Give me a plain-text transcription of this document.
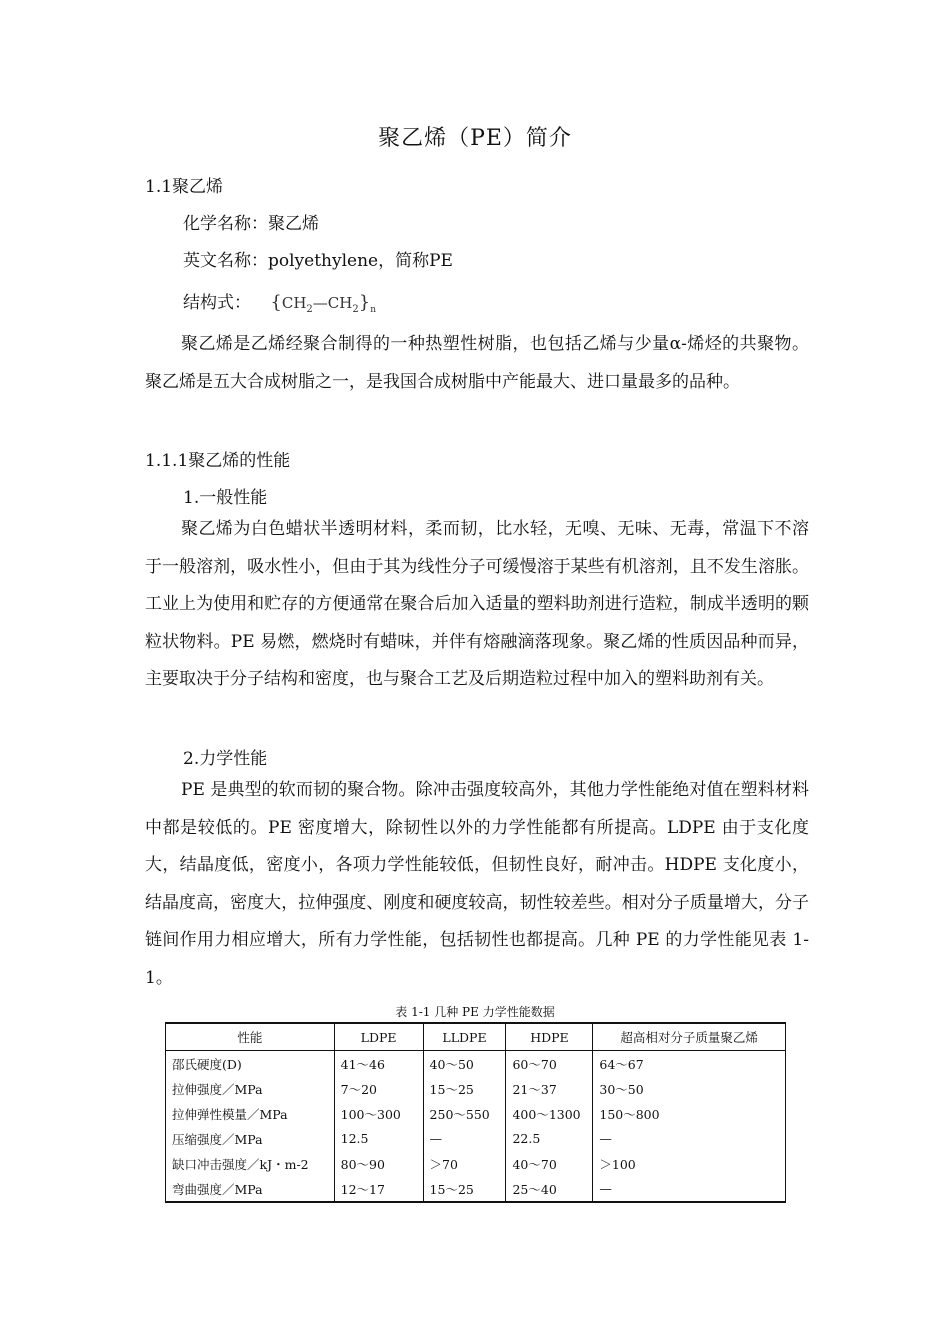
聚乙烯（PE）简介
1.1聚乙烯
化学名称：聚乙烯
英文名称：polyethylene，简称PE
结构式： $\{CH_2—CH_2\}_n$
聚乙烯是乙烯经聚合制得的一种热塑性树脂，也包括乙烯与少量α-烯烃的共聚物。聚乙烯是五大合成树脂之一，是我国合成树脂中产能最大、进口量最多的品种。
1.1.1聚乙烯的性能
1.一般性能
聚乙烯为白色蜡状半透明材料，柔而韧，比水轻，无嗅、无味、无毒，常温下不溶于一般溶剂，吸水性小，但由于其为线性分子可缓慢溶于某些有机溶剂，且不发生溶胀。工业上为使用和贮存的方便通常在聚合后加入适量的塑料助剂进行造粒，制成半透明的颗粒状物料。PE 易燃，燃烧时有蜡味，并伴有熔融滴落现象。聚乙烯的性质因品种而异，主要取决于分子结构和密度，也与聚合工艺及后期造粒过程中加入的塑料助剂有关。
2.力学性能
PE 是典型的软而韧的聚合物。除冲击强度较高外，其他力学性能绝对值在塑料材料中都是较低的。PE 密度增大，除韧性以外的力学性能都有所提高。LDPE 由于支化度大，结晶度低，密度小，各项力学性能较低，但韧性良好，耐冲击。HDPE 支化度小，结晶度高，密度大，拉伸强度、刚度和硬度较高，韧性较差些。相对分子质量增大，分子链间作用力相应增大，所有力学性能，包括韧性也都提高。几种 PE 的力学性能见表 1-1。
表 1-1 几种 PE 力学性能数据
性能	LDPE	LLDPE	HDPE	超高相对分子质量聚乙烯
邵氏硬度(D)	41～46	40～50	60～70	64～67
拉伸强度／MPa	7～20	15～25	21～37	30～50
拉伸弹性模量／MPa	100～300	250～550	400～1300	150～800
压缩强度／MPa	12.5	—	22.5	—
缺口冲击强度／kJ・m-2	80～90	＞70	40～70	＞100
弯曲强度／MPa	12～17	15～25	25～40	—
